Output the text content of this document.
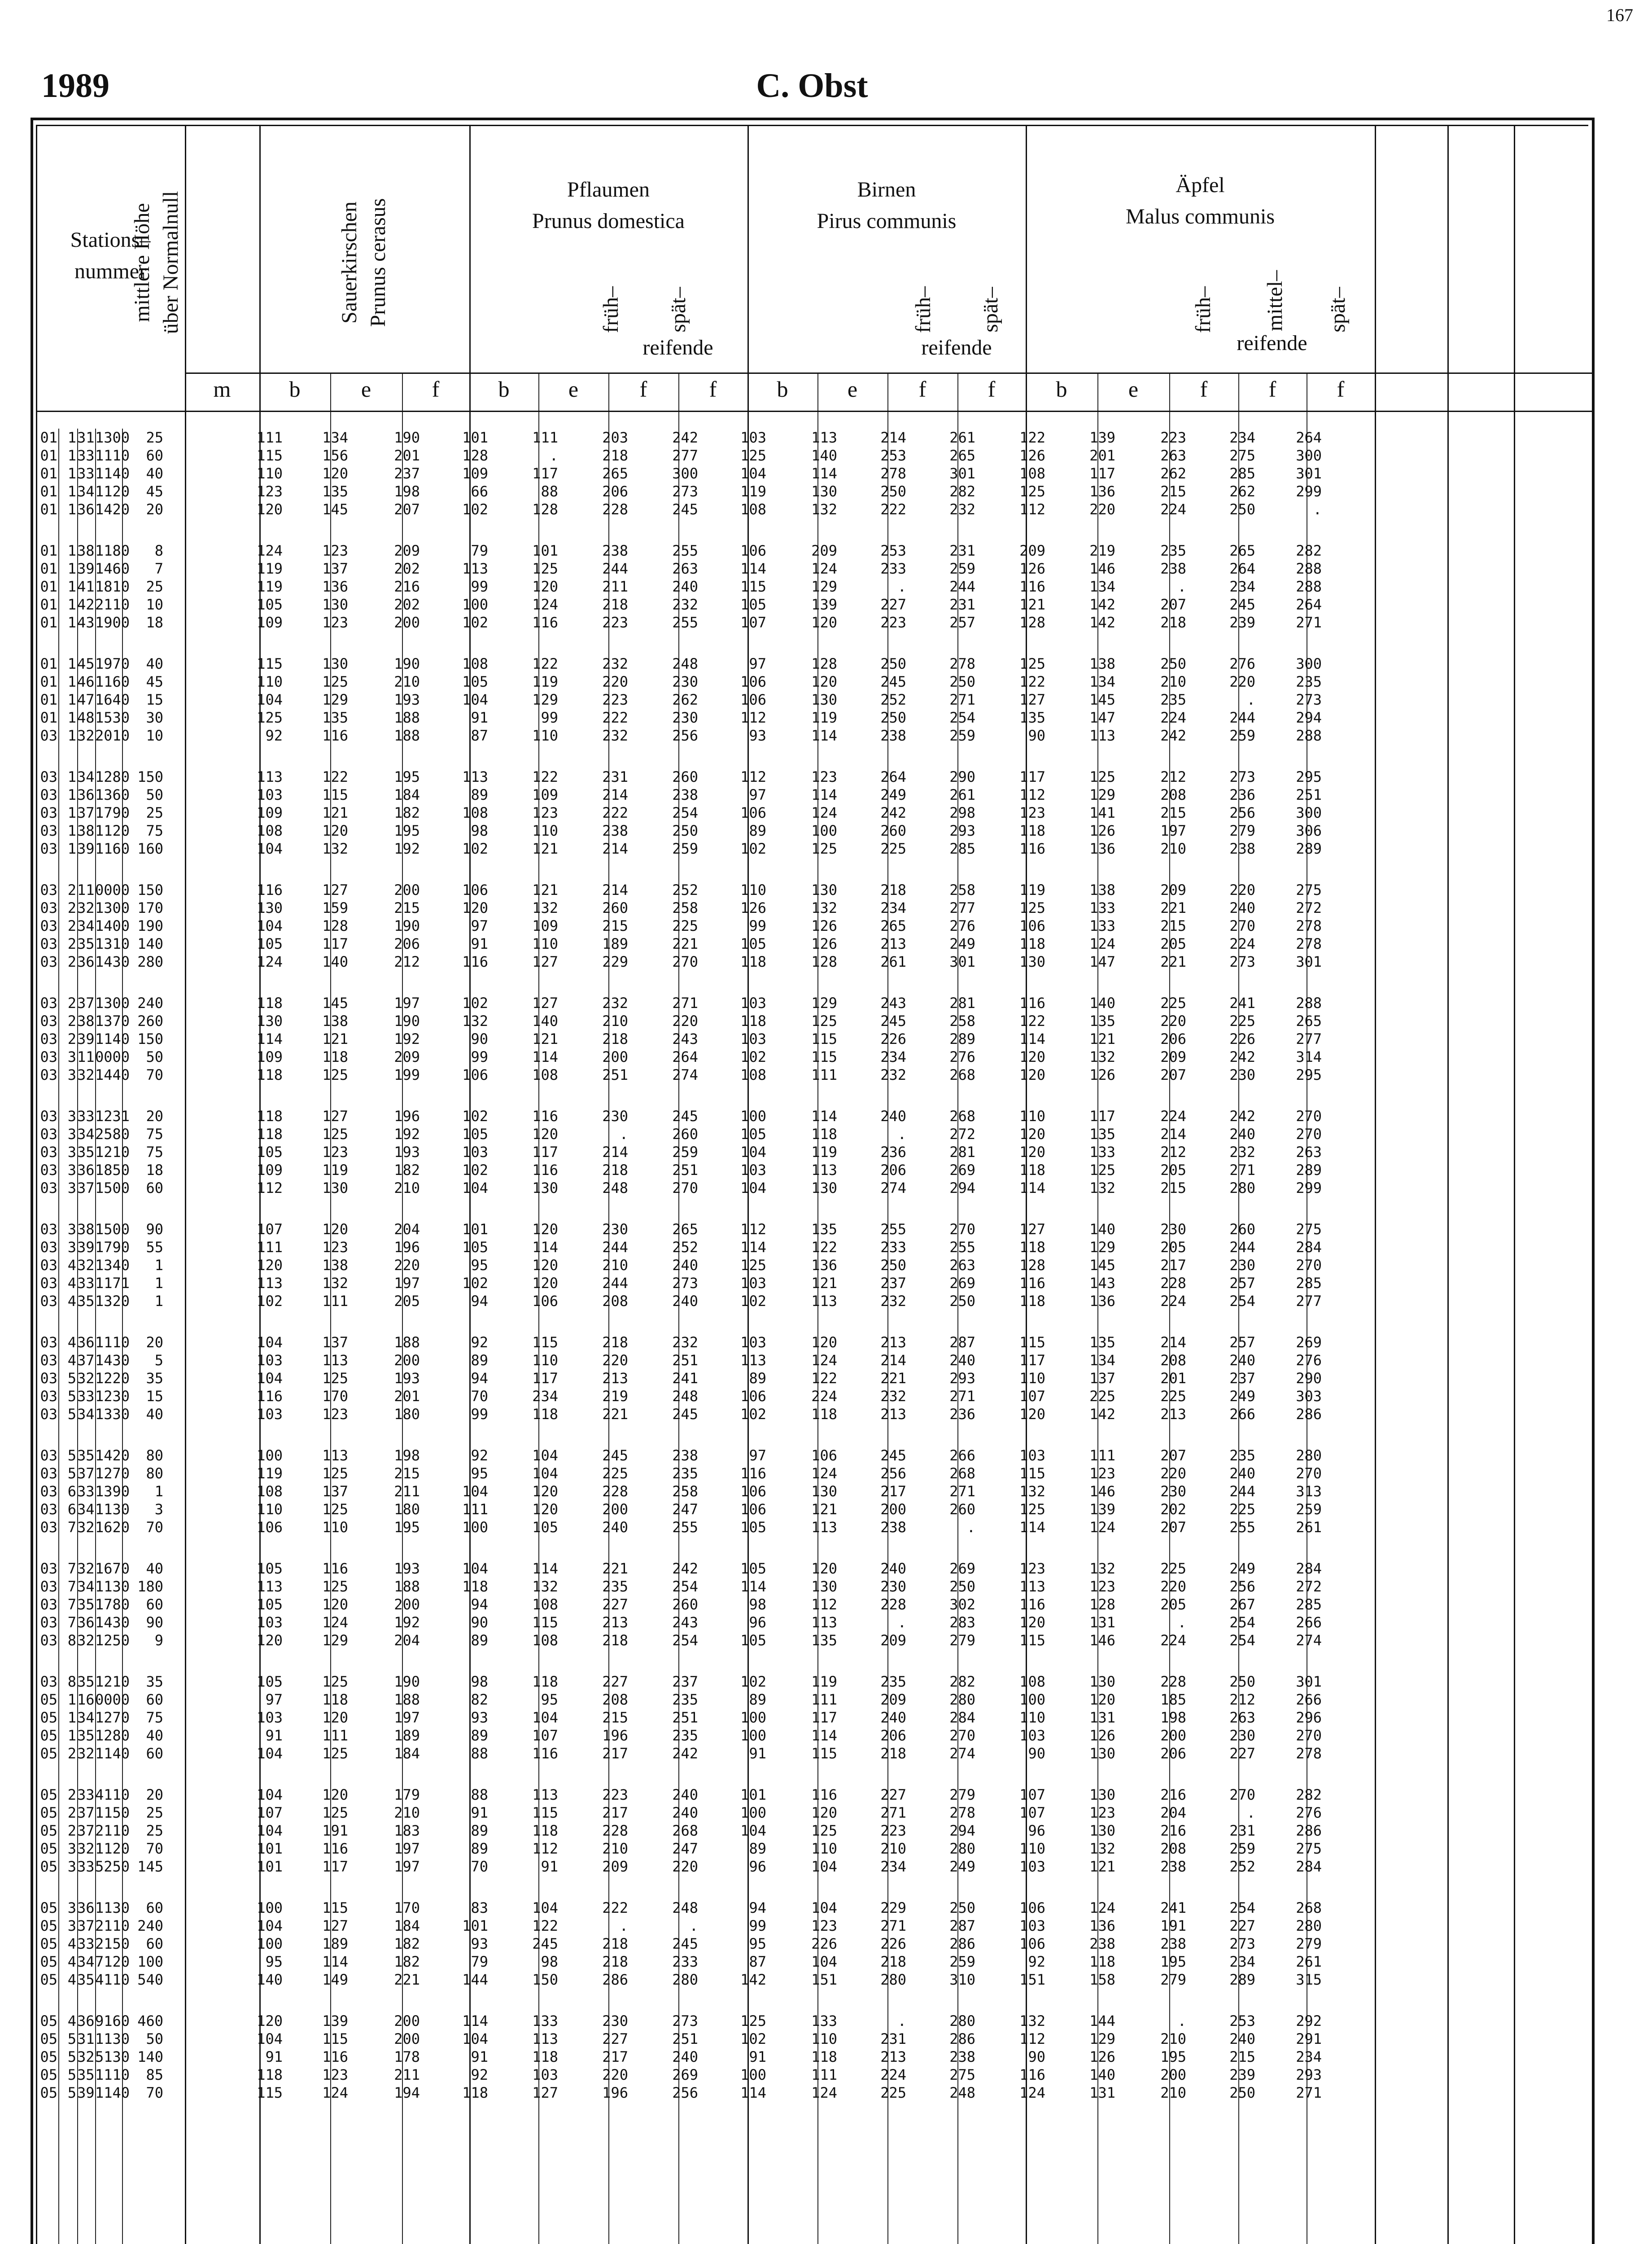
167
1989	C. Obst
Stations–
nummer
mittlere Höhe über Normalnull	Sauerkirschen Prunus cerasus
Pflaumen
Prunus domestica
früh– spät–
reifende
Birnen
Pirus communis
früh– spät–
reifende
Äpfel
Malus communis
früh– mittel– spät–
reifende
m	b	e	f	b	e	f	f	b	e	f	f	b	e	f	f	f
01 1 31 1300	25	111	134	190	101	111	203	242	103	113	214	261	122	139	223	234	264
01 1 33 1110	60	115	156	201	128	.	218	277	125	140	253	265	126	201	263	275	300
01 1 33 1140	40	110	120	237	109	117	265	300	104	114	278	301	108	117	262	285	301
01 1 34 1120	45	123	135	198	66	88	206	273	119	130	250	282	125	136	215	262	299
01 1 36 1420	20	120	145	207	102	128	228	245	108	132	222	232	112	220	224	250	.
01 1 38 1180	8	124	123	209	79	101	238	255	106	209	253	231	209	219	235	265	282
01 1 39 1460	7	119	137	202	113	125	244	263	114	124	233	259	126	146	238	264	288
01 1 41 1810	25	119	136	216	99	120	211	240	115	129	.	244	116	134	.	234	288
01 1 42 2110	10	105	130	202	100	124	218	232	105	139	227	231	121	142	207	245	264
01 1 43 1900	18	109	123	200	102	116	223	255	107	120	223	257	128	142	218	239	271
01 1 45 1970	40	115	130	190	108	122	232	248	97	128	250	278	125	138	250	276	300
01 1 46 1160	45	110	125	210	105	119	220	230	106	120	245	250	122	134	210	220	235
01 1 47 1640	15	104	129	193	104	129	223	262	106	130	252	271	127	145	235	.	273
01 1 48 1530	30	125	135	188	91	99	222	230	112	119	250	254	135	147	224	244	294
03 1 32 2010	10	92	116	188	87	110	232	256	93	114	238	259	90	113	242	259	288
03 1 34 1280 150	113	122	195	113	122	231	260	112	123	264	290	117	125	212	273	295
03 1 36 1360	50	103	115	184	89	109	214	238	97	114	249	261	112	129	208	236	251
03 1 37 1790	25	109	121	182	108	123	222	254	106	124	242	298	123	141	215	256	300
03 1 38 1120	75	108	120	195	98	110	238	250	89	100	260	293	118	126	197	279	306
03 1 39 1160 160	104	132	192	102	121	214	259	102	125	225	285	116	136	210	238	289
03 2 11 0000 150	116	127	200	106	121	214	252	110	130	218	258	119	138	209	220	275
03 2 32 1300 170	130	159	215	120	132	260	258	126	132	234	277	125	133	221	240	272
03 2 34 1400 190	104	128	190	97	109	215	225	99	126	265	276	106	133	215	270	278
03 2 35 1310 140	105	117	206	91	110	189	221	105	126	213	249	118	124	205	224	278
03 2 36 1430 280	124	140	212	116	127	229	270	118	128	261	301	130	147	221	273	301
03 2 37 1300 240	118	145	197	102	127	232	271	103	129	243	281	116	140	225	241	288
03 2 38 1370 260	130	138	190	132	140	210	220	118	125	245	258	122	135	220	225	265
03 2 39 1140 150	114	121	192	90	121	218	243	103	115	226	289	114	121	206	226	277
03 3 11 0000	50	109	118	209	99	114	200	264	102	115	234	276	120	132	209	242	314
03 3 32 1440	70	118	125	199	106	108	251	274	108	111	232	268	120	126	207	230	295
03 3 33 1231	20	118	127	196	102	116	230	245	100	114	240	268	110	117	224	242	270
03 3 34 2580	75	118	125	192	105	120	.	260	105	118	.	272	120	135	214	240	270
03 3 35 1210	75	105	123	193	103	117	214	259	104	119	236	281	120	133	212	232	263
03 3 36 1850	18	109	119	182	102	116	218	251	103	113	206	269	118	125	205	271	289
03 3 37 1500	60	112	130	210	104	130	248	270	104	130	274	294	114	132	215	280	299
03 3 38 1500	90	107	120	204	101	120	230	265	112	135	255	270	127	140	230	260	275
03 3 39 1790	55	111	123	196	105	114	244	252	114	122	233	255	118	129	205	244	284
03 4 32 1340	1	120	138	220	95	120	210	240	125	136	250	263	128	145	217	230	270
03 4 33 1171	1	113	132	197	102	120	244	273	103	121	237	269	116	143	228	257	285
03 4 35 1320	1	102	111	205	94	106	208	240	102	113	232	250	118	136	224	254	277
03 4 36 1110	20	104	137	188	92	115	218	232	103	120	213	287	115	135	214	257	269
03 4 37 1430	5	103	113	200	89	110	220	251	113	124	214	240	117	134	208	240	276
03 5 32 1220	35	104	125	193	94	117	213	241	89	122	221	293	110	137	201	237	290
03 5 33 1230	15	116	170	201	70	234	219	248	106	224	232	271	107	225	225	249	303
03 5 34 1330	40	103	123	180	99	118	221	245	102	118	213	236	120	142	213	266	286
03 5 35 1420	80	100	113	198	92	104	245	238	97	106	245	266	103	111	207	235	280
03 5 37 1270	80	119	125	215	95	104	225	235	116	124	256	268	115	123	220	240	270
03 6 33 1390	1	108	137	211	104	120	228	258	106	130	217	271	132	146	230	244	313
03 6 34 1130	3	110	125	180	111	120	200	247	106	121	200	260	125	139	202	225	259
03 7 32 1620	70	106	110	195	100	105	240	255	105	113	238	.	114	124	207	255	261
03 7 32 1670	40	105	116	193	104	114	221	242	105	120	240	269	123	132	225	249	284
03 7 34 1130 180	113	125	188	118	132	235	254	114	130	230	250	113	123	220	256	272
03 7 35 1780	60	105	120	200	94	108	227	260	98	112	228	302	116	128	205	267	285
03 7 36 1430	90	103	124	192	90	115	213	243	96	113	.	283	120	131	.	254	266
03 8 32 1250	9	120	129	204	89	108	218	254	105	135	209	279	115	146	224	254	274
03 8 35 1210	35	105	125	190	98	118	227	237	102	119	235	282	108	130	228	250	301
05 1 16 0000	60	97	118	188	82	95	208	235	89	111	209	280	100	120	185	212	266
05 1 34 1270	75	103	120	197	93	104	215	251	100	117	240	284	110	131	198	263	296
05 1 35 1280	40	91	111	189	89	107	196	235	100	114	206	270	103	126	200	230	270
05 2 32 1140	60	104	125	184	88	116	217	242	91	115	218	274	90	130	206	227	278
05 2 33 4110	20	104	120	179	88	113	223	240	101	116	227	279	107	130	216	270	282
05 2 37 1150	25	107	125	210	91	115	217	240	100	120	271	278	107	123	204	.	276
05 2 37 2110	25	104	191	183	89	118	228	268	104	125	223	294	96	130	216	231	286
05 3 32 1120	70	101	116	197	89	112	210	247	89	110	210	280	110	132	208	259	275
05 3 33 5250 145	101	117	197	70	91	209	220	96	104	234	249	103	121	238	252	284
05 3 36 1130	60	100	115	170	83	104	222	248	94	104	229	250	106	124	241	254	268
05 3 37 2110 240	104	127	184	101	122	.	.	99	123	271	287	103	136	191	227	280
05 4 33 2150	60	100	189	182	93	245	218	245	95	226	226	286	106	238	238	273	279
05 4 34 7120 100	95	114	182	79	98	218	233	87	104	218	259	92	118	195	234	261
05 4 35 4110 540	140	149	221	144	150	286	280	142	151	280	310	151	158	279	289	315
05 4 36 9160 460	120	139	200	114	133	230	273	125	133	.	280	132	144	.	253	292
05 5 31 1130	50	104	115	200	104	113	227	251	102	110	231	286	112	129	210	240	291
05 5 32 5130 140	91	116	178	91	118	217	240	91	118	213	238	90	126	195	215	234
05 5 35 1110	85	118	123	211	92	103	220	269	100	111	224	275	116	140	200	239	293
05 5 39 1140	70	115	124	194	118	127	196	256	114	124	225	248	124	131	210	250	271
